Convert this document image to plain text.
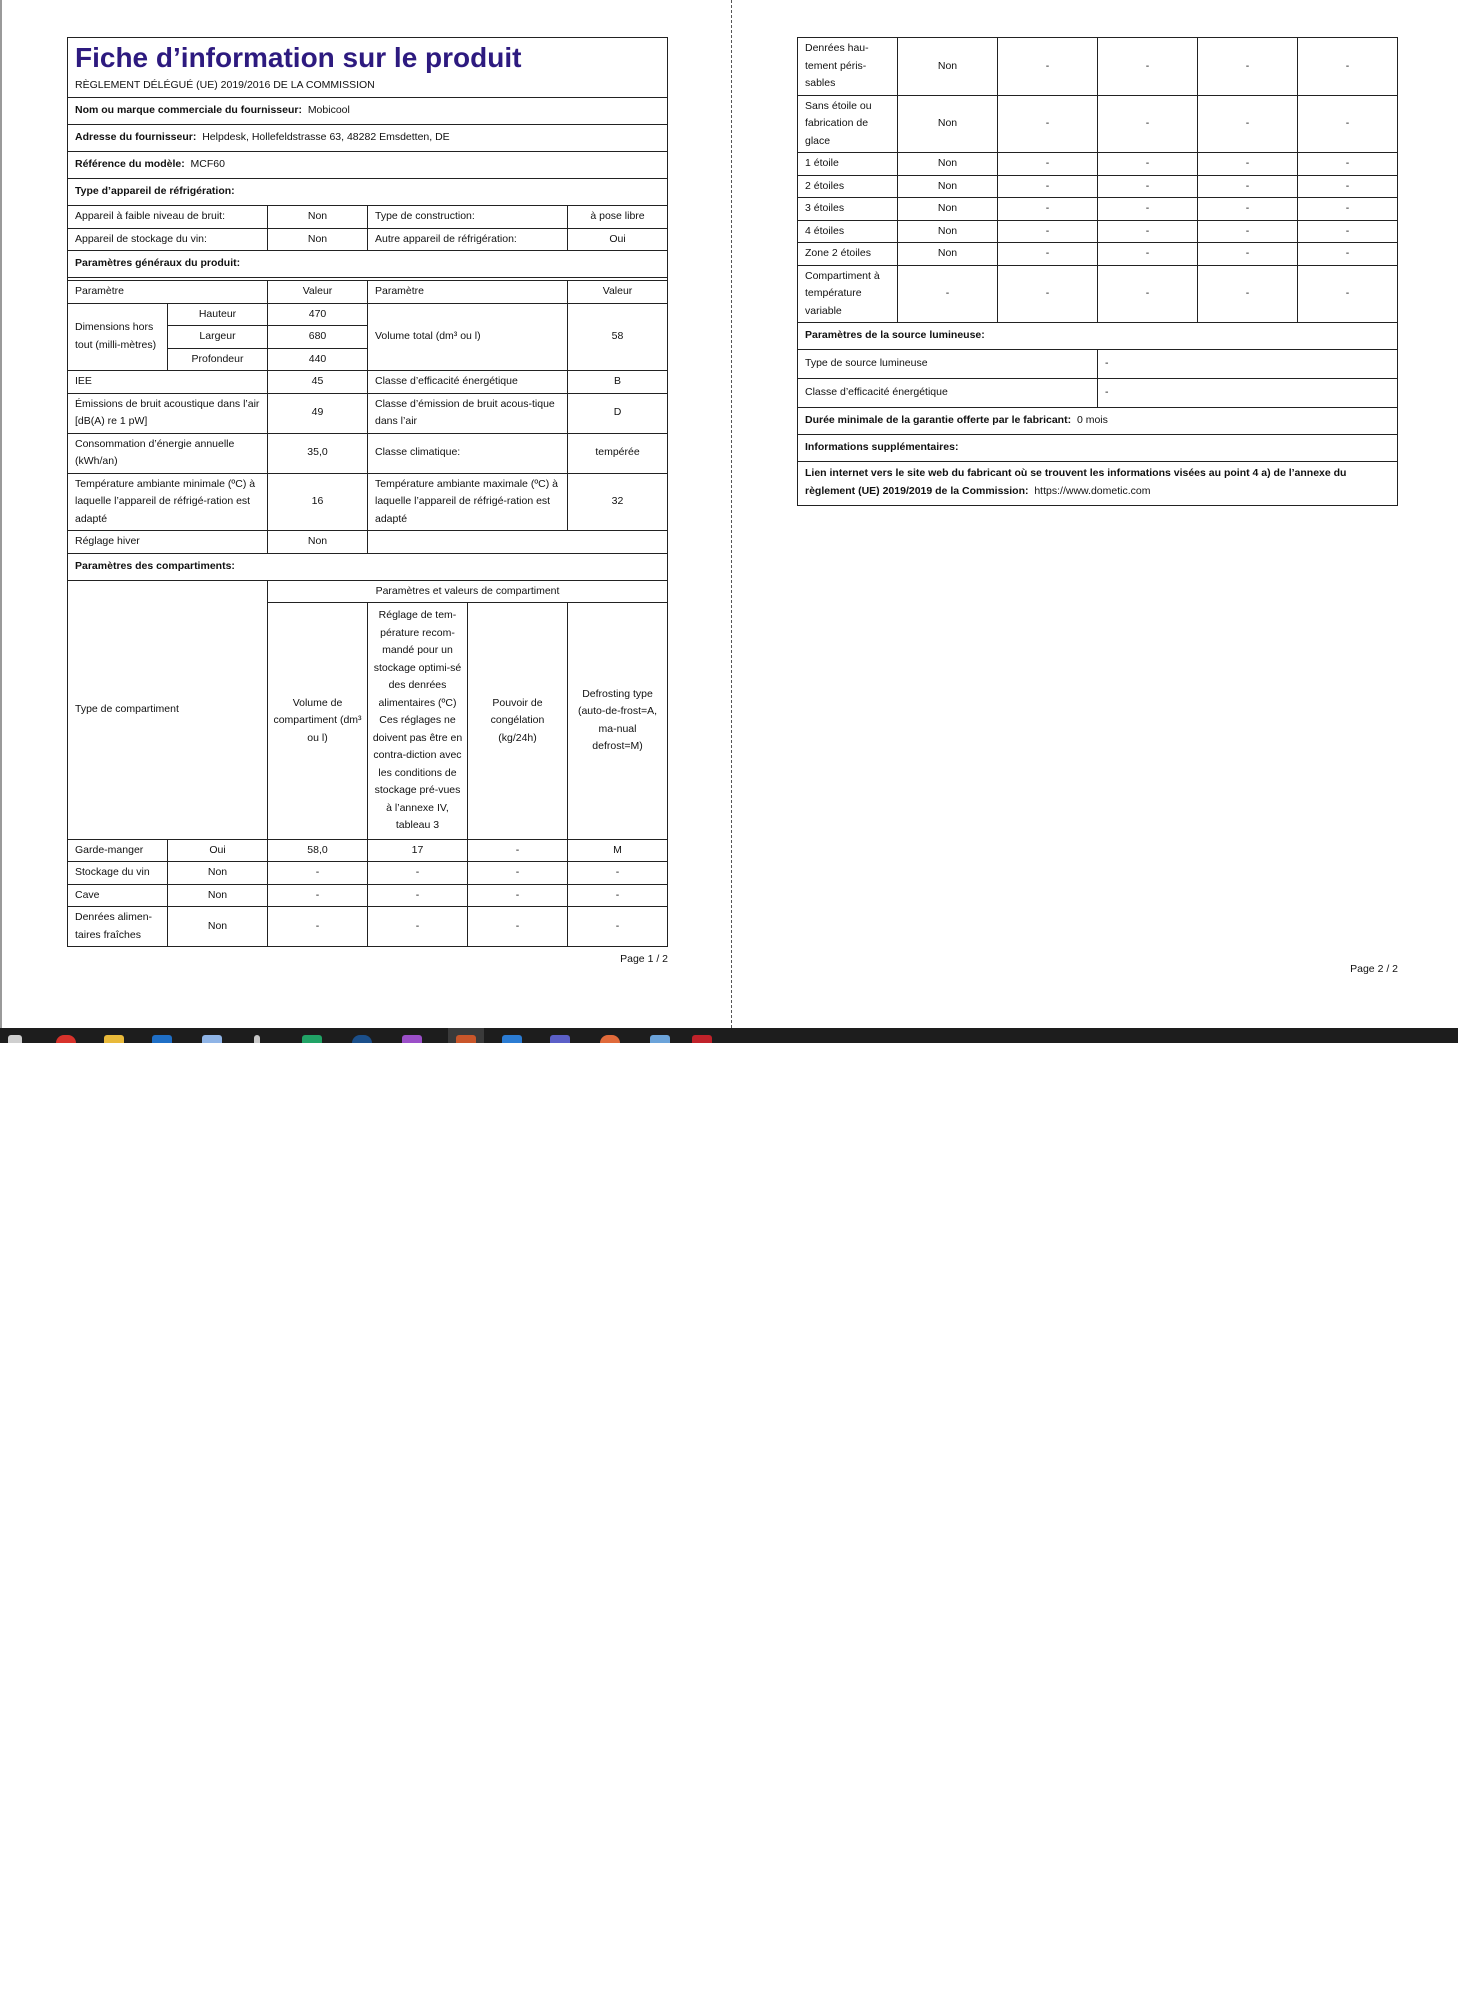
Fiche d’information sur le produit
RÈGLEMENT DÉLÉGUÉ (UE) 2019/2016 DE LA COMMISSION					

Nom ou marque commerciale du fournisseur: Mobicool					
Adresse du fournisseur: Helpdesk, Hollefeldstrasse 63, 48282 Emsdetten, DE					
Référence du modèle: MCF60					
Type d’appareil de réfrigération:					
Appareil à faible niveau de bruit:		Non	Type de construction:		à pose libre
Appareil de stockage du vin:		Non	Autre appareil de réfrigération:		Oui
Paramètres généraux du produit:					

Paramètre		Valeur	Paramètre		Valeur
Dimensions hors tout (milli-mètres)	Hauteur	470	Volume total (dm³ ou l)		58
	Largeur	680			
	Profondeur	440			
IEE		45	Classe d’efficacité énergétique		B
Émissions de bruit acoustique dans l’air [dB(A) re 1 pW]		49	Classe d’émission de bruit acous-tique dans l’air		D
Consommation d’énergie annuelle (kWh/an)		35,0	Classe climatique:		tempérée
Température ambiante minimale (ºC) à laquelle l’appareil de réfrigé-ration est adapté		16	Température ambiante maximale (ºC) à laquelle l’appareil de réfrigé-ration est adapté		32
Réglage hiver		Non			
Paramètres des compartiments:					
Type de compartiment		Paramètres et valeurs de compartiment			
		Volume de compartiment (dm³ ou l)	Réglage de tem-pérature recom-mandé pour un stockage optimi-sé des denrées alimentaires (ºC) Ces réglages ne doivent pas être en contra-diction avec les conditions de stockage pré-vues à l’annexe IV, tableau 3	Pouvoir de congélation (kg/24h)	Defrosting type (auto-de-frost=A, ma-nual defrost=M)
Garde-manger	Oui	58,0	17	-	M
Stockage du vin	Non	-	-	-	-
Cave	Non	-	-	-	-
Denrées alimen-taires fraîches	Non	-	-	-	-
Page 1 / 2
Denrées hau-tement péris-sables	Non	-	-	-	-
Sans étoile ou fabrication de glace	Non	-	-	-	-
1 étoile	Non	-	-	-	-
2 étoiles	Non	-	-	-	-
3 étoiles	Non	-	-	-	-
4 étoiles	Non	-	-	-	-
Zone 2 étoiles	Non	-	-	-	-
Compartiment à température variable	-	-	-	-	-
Paramètres de la source lumineuse:					
Type de source lumineuse			-		
Classe d’efficacité énergétique			-		
Durée minimale de la garantie offerte par le fabricant: 0 mois					
Informations supplémentaires:					
Lien internet vers le site web du fabricant où se trouvent les informations visées au point 4 a) de l’annexe du règlement (UE) 2019/2019 de la Commission: https://www.dometic.com					
Page 2 / 2
